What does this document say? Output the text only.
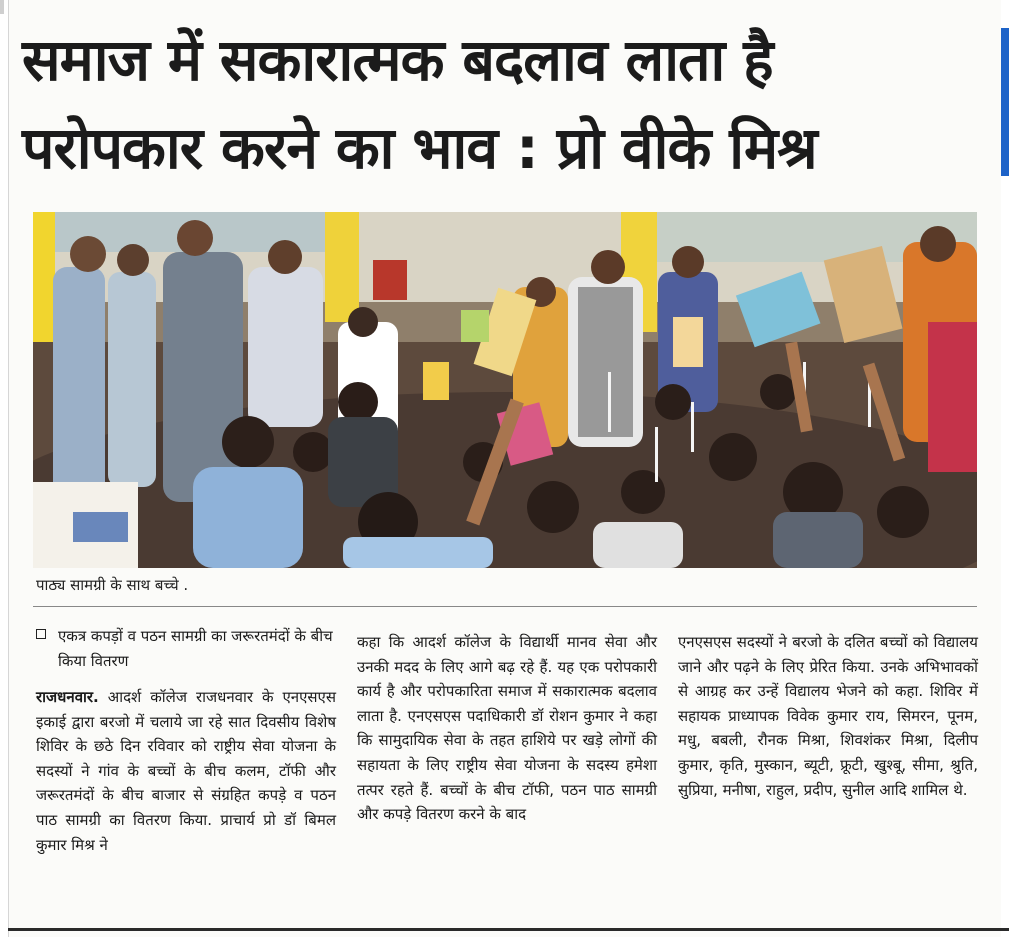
समाज में सकारात्मक बदलाव लाता है
परोपकार करने का भाव : प्रो वीके मिश्र
पाठ्य सामग्री के साथ बच्चे .
एकत्र कपड़ों व पठन सामग्री का जरूरतमंदों के बीच किया वितरण

राजधनवार. आदर्श कॉलेज राजधनवार के एनएसएस इकाई द्वारा बरजो में चलाये जा रहे सात दिवसीय विशेष शिविर के छठे दिन रविवार को राष्ट्रीय सेवा योजना के सदस्यों ने गांव के बच्चों के बीच कलम, टॉफी और जरूरतमंदों के बीच बाजार से संग्रहित कपड़े व पठन पाठ सामग्री का वितरण किया. प्राचार्य प्रो डॉ बिमल कुमार मिश्र ने

कहा कि आदर्श कॉलेज के विद्यार्थी मानव सेवा और उनकी मदद के लिए आगे बढ़ रहे हैं. यह एक परोपकारी कार्य है और परोपकारिता समाज में सकारात्मक बदलाव लाता है. एनएसएस पदाधिकारी डॉ रोशन कुमार ने कहा कि सामुदायिक सेवा के तहत हाशिये पर खड़े लोगों की सहायता के लिए राष्ट्रीय सेवा योजना के सदस्य हमेशा तत्पर रहते हैं. बच्चों के बीच टॉफी, पठन पाठ सामग्री और कपड़े वितरण करने के बाद

एनएसएस सदस्यों ने बरजो के दलित बच्चों को विद्यालय जाने और पढ़ने के लिए प्रेरित किया. उनके अभिभावकों से आग्रह कर उन्हें विद्यालय भेजने को कहा. शिविर में सहायक प्राध्यापक विवेक कुमार राय, सिमरन, पूनम, मधु, बबली, रौनक मिश्रा, शिवशंकर मिश्रा, दिलीप कुमार, कृति, मुस्कान, ब्यूटी, फ्रूटी, खुश्बू, सीमा, श्रुति, सुप्रिया, मनीषा, राहुल, प्रदीप, सुनील आदि शामिल थे.
